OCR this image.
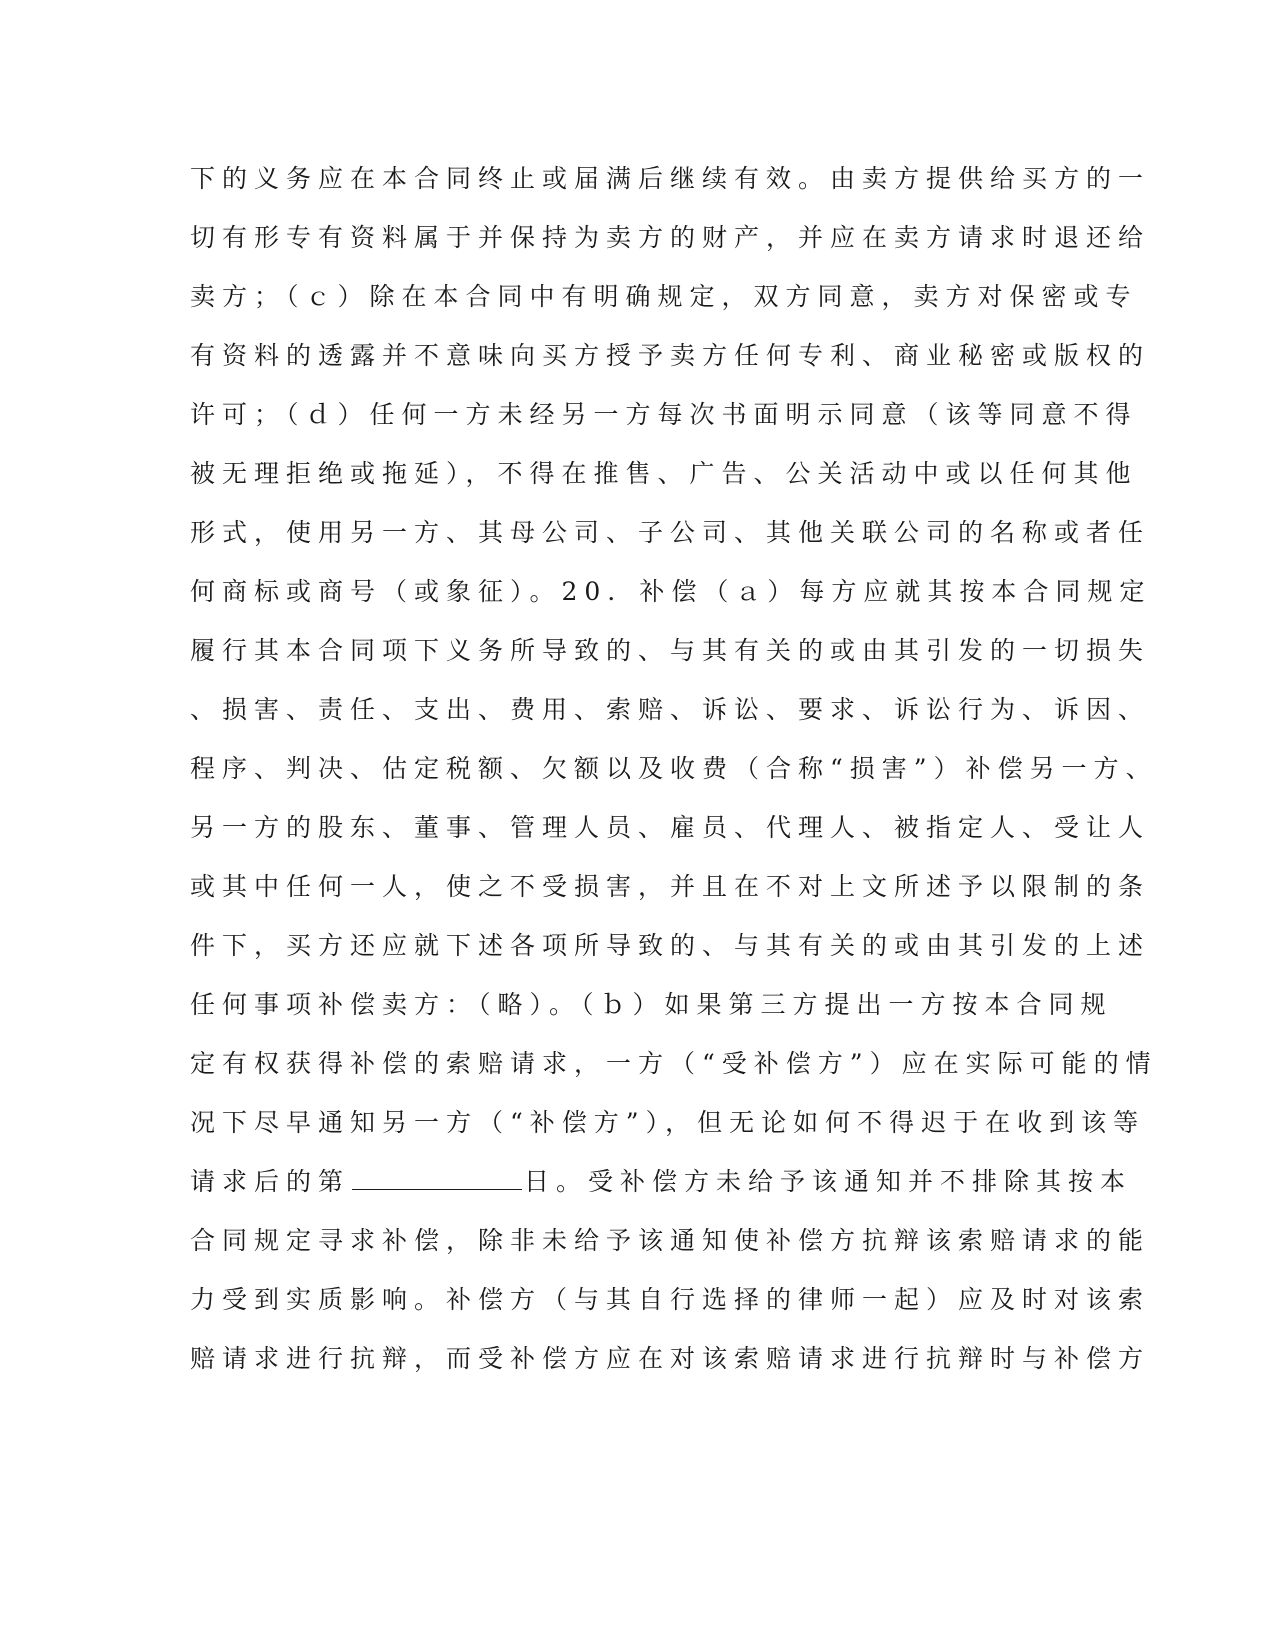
下的义务应在本合同终止或届满后继续有效。由卖方提供给买方的一
切有形专有资料属于并保持为卖方的财产，并应在卖方请求时退还给
卖方；（ｃ）除在本合同中有明确规定，双方同意，卖方对保密或专
有资料的透露并不意味向买方授予卖方任何专利、商业秘密或版权的
许可；（ｄ）任何一方未经另一方每次书面明示同意（该等同意不得
被无理拒绝或拖延），不得在推售、广告、公关活动中或以任何其他
形式，使用另一方、其母公司、子公司、其他关联公司的名称或者任
何商标或商号（或象征）。20．补偿（ａ）每方应就其按本合同规定
履行其本合同项下义务所导致的、与其有关的或由其引发的一切损失
、损害、责任、支出、费用、索赔、诉讼、要求、诉讼行为、诉因、
程序、判决、估定税额、欠额以及收费（合称“损害”）补偿另一方、
另一方的股东、董事、管理人员、雇员、代理人、被指定人、受让人
或其中任何一人，使之不受损害，并且在不对上文所述予以限制的条
件下，买方还应就下述各项所导致的、与其有关的或由其引发的上述
任何事项补偿卖方：（略）。（ｂ）如果第三方提出一方按本合同规
定有权获得补偿的索赔请求，一方（“受补偿方”）应在实际可能的情
况下尽早通知另一方（“补偿方”），但无论如何不得迟于在收到该等
请求后的第	日。受补偿方未给予该通知并不排除其按本
合同规定寻求补偿，除非未给予该通知使补偿方抗辩该索赔请求的能
力受到实质影响。补偿方（与其自行选择的律师一起）应及时对该索
赔请求进行抗辩，而受补偿方应在对该索赔请求进行抗辩时与补偿方
